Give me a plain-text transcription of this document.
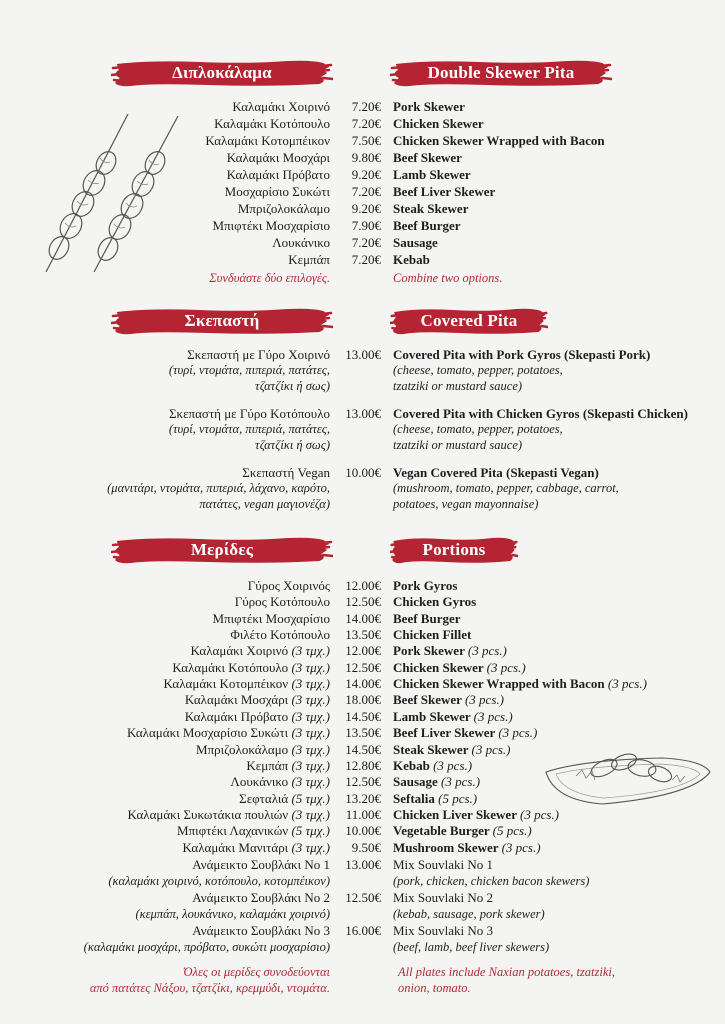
Διπλοκάλαμα	Double Skewer Pita
Καλαμάκι Χοιρινό 7.20€ Pork Skewer
Καλαμάκι Κοτόπουλο 7.20€ Chicken Skewer
Καλαμάκι Κοτομπέικον 7.50€ Chicken Skewer Wrapped with Bacon
Καλαμάκι Μοσχάρι 9.80€ Beef Skewer
Καλαμάκι Πρόβατο 9.20€ Lamb Skewer
Μοσχαρίσιο Συκώτι 7.20€ Beef Liver Skewer
Μπριζολοκάλαμο 9.20€ Steak Skewer
Μπιφτέκι Μοσχαρίσιο 7.90€ Beef Burger
Λουκάνικο 7.20€ Sausage
Κεμπάπ 7.20€ Kebab
Συνδυάστε δύο επιλογές.	Combine two options.
Σκεπαστή	Covered Pita
Σκεπαστή με Γύρο Χοιρινό 13.00€ Covered Pita with Pork Gyros (Skepasti Pork)
(τυρί, ντομάτα, πιπεριά, πατάτες,
τζατζίκι ή σως)
(cheese, tomato, pepper, potatoes,
tzatziki or mustard sauce)
Σκεπαστή με Γύρο Κοτόπουλο 13.00€ Covered Pita with Chicken Gyros (Skepasti Chicken)
(τυρί, ντομάτα, πιπεριά, πατάτες,
τζατζίκι ή σως)
(cheese, tomato, pepper, potatoes,
tzatziki or mustard sauce)
Σκεπαστή Vegan 10.00€ Vegan Covered Pita (Skepasti Vegan)
(μανιτάρι, ντομάτα, πιπεριά, λάχανο, καρότο,
πατάτες, vegan μαγιονέζα)
(mushroom, tomato, pepper, cabbage, carrot,
potatoes, vegan mayonnaise)
Μερίδες	Portions
Γύρος Χοιρινός 12.00€ Pork Gyros
Γύρος Κοτόπουλο 12.50€ Chicken Gyros
Μπιφτέκι Μοσχαρίσιο 14.00€ Beef Burger
Φιλέτο Κοτόπουλο 13.50€ Chicken Fillet
Καλαμάκι Χοιρινό (3 τμχ.) 12.00€ Pork Skewer (3 pcs.)
Καλαμάκι Κοτόπουλο (3 τμχ.) 12.50€ Chicken Skewer (3 pcs.)
Καλαμάκι Κοτομπέικον (3 τμχ.) 14.00€ Chicken Skewer Wrapped with Bacon (3 pcs.)
Καλαμάκι Μοσχάρι (3 τμχ.) 18.00€ Beef Skewer (3 pcs.)
Καλαμάκι Πρόβατο (3 τμχ.) 14.50€ Lamb Skewer (3 pcs.)
Καλαμάκι Μοσχαρίσιο Συκώτι (3 τμχ.) 13.50€ Beef Liver Skewer (3 pcs.)
Μπριζολοκάλαμο (3 τμχ.) 14.50€ Steak Skewer (3 pcs.)
Κεμπάπ (3 τμχ.) 12.80€ Kebab (3 pcs.)
Λουκάνικο (3 τμχ.) 12.50€ Sausage (3 pcs.)
Σεφταλιά (5 τμχ.) 13.20€ Seftalia (5 pcs.)
Καλαμάκι Συκωτάκια πουλιών (3 τμχ.) 11.00€ Chicken Liver Skewer (3 pcs.)
Μπιφτέκι Λαχανικών (5 τμχ.) 10.00€ Vegetable Burger (5 pcs.)
Καλαμάκι Μανιτάρι (3 τμχ.) 9.50€ Mushroom Skewer (3 pcs.)
Ανάμεικτο Σουβλάκι Νο 1 13.00€ Mix Souvlaki No 1
(καλαμάκι χοιρινό, κοτόπουλο, κοτομπέικον)	(pork, chicken, chicken bacon skewers)
Ανάμεικτο Σουβλάκι Νο 2 12.50€ Mix Souvlaki No 2
(κεμπάπ, λουκάνικο, καλαμάκι χοιρινό)	(kebab, sausage, pork skewer)
Ανάμεικτο Σουβλάκι Νο 3 16.00€ Mix Souvlaki No 3
(καλαμάκι μοσχάρι, πρόβατο, συκώτι μοσχαρίσιο)	(beef, lamb, beef liver skewers)
Όλες οι μερίδες συνοδεύονται
από πατάτες Νάξου, τζατζίκι, κρεμμύδι, ντομάτα.
All plates include Naxian potatoes, tzatziki,
onion, tomato.
